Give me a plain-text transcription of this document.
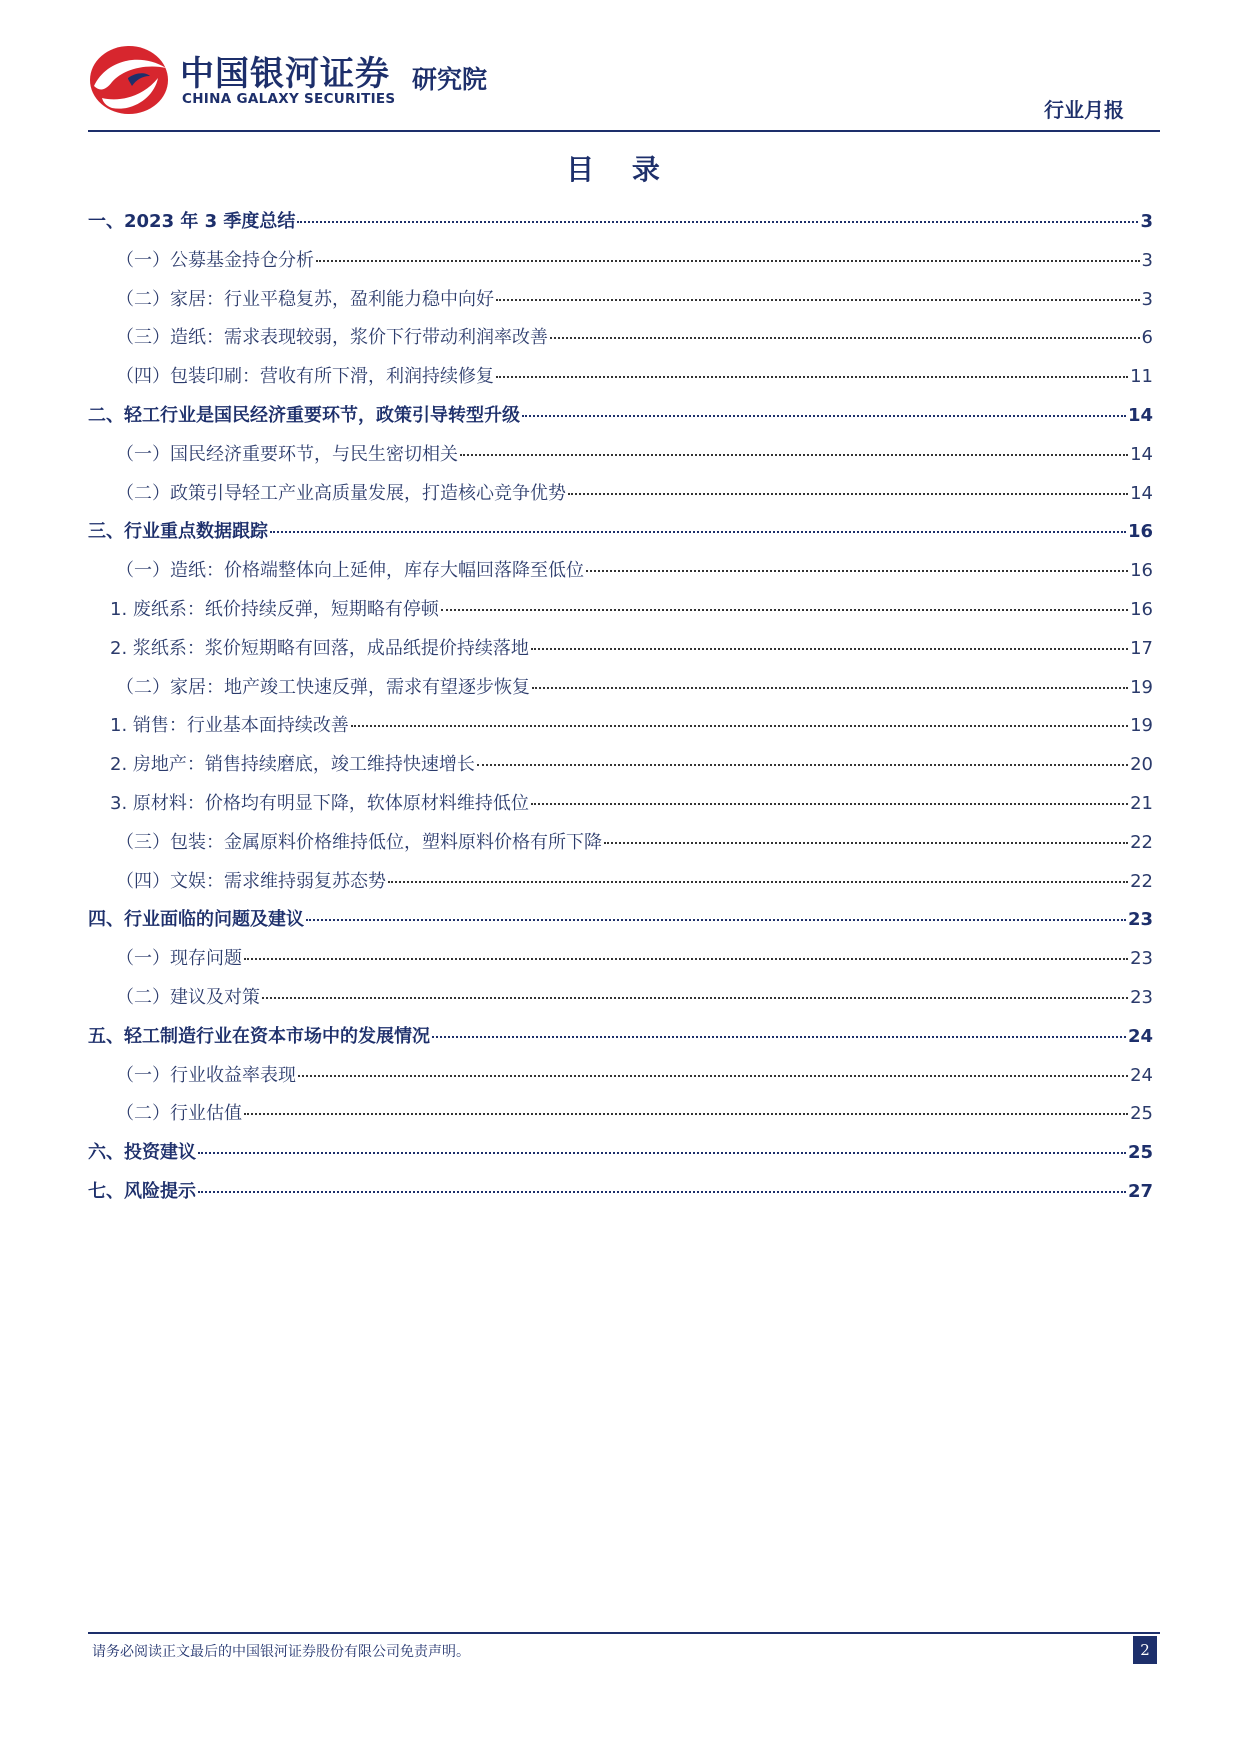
中国银河证券
CHINA GALAXY SECURITIES
研究院
行业月报
目 录
一、2023 年 3 季度总结	3
（一）公募基金持仓分析	3
（二）家居：行业平稳复苏，盈利能力稳中向好	3
（三）造纸：需求表现较弱，浆价下行带动利润率改善	6
（四）包装印刷：营收有所下滑，利润持续修复	11
二、轻工行业是国民经济重要环节，政策引导转型升级	14
（一）国民经济重要环节，与民生密切相关	14
（二）政策引导轻工产业高质量发展，打造核心竞争优势	14
三、行业重点数据跟踪	16
（一）造纸：价格端整体向上延伸，库存大幅回落降至低位	16
1. 废纸系：纸价持续反弹，短期略有停顿	16
2. 浆纸系：浆价短期略有回落，成品纸提价持续落地	17
（二）家居：地产竣工快速反弹，需求有望逐步恢复	19
1. 销售：行业基本面持续改善	19
2. 房地产：销售持续磨底，竣工维持快速增长	20
3. 原材料：价格均有明显下降，软体原材料维持低位	21
（三）包装：金属原料价格维持低位，塑料原料价格有所下降	22
（四）文娱：需求维持弱复苏态势	22
四、行业面临的问题及建议	23
（一）现存问题	23
（二）建议及对策	23
五、轻工制造行业在资本市场中的发展情况	24
（一）行业收益率表现	24
（二）行业估值	25
六、投资建议	25
七、风险提示	27
请务必阅读正文最后的中国银河证券股份有限公司免责声明。	2
